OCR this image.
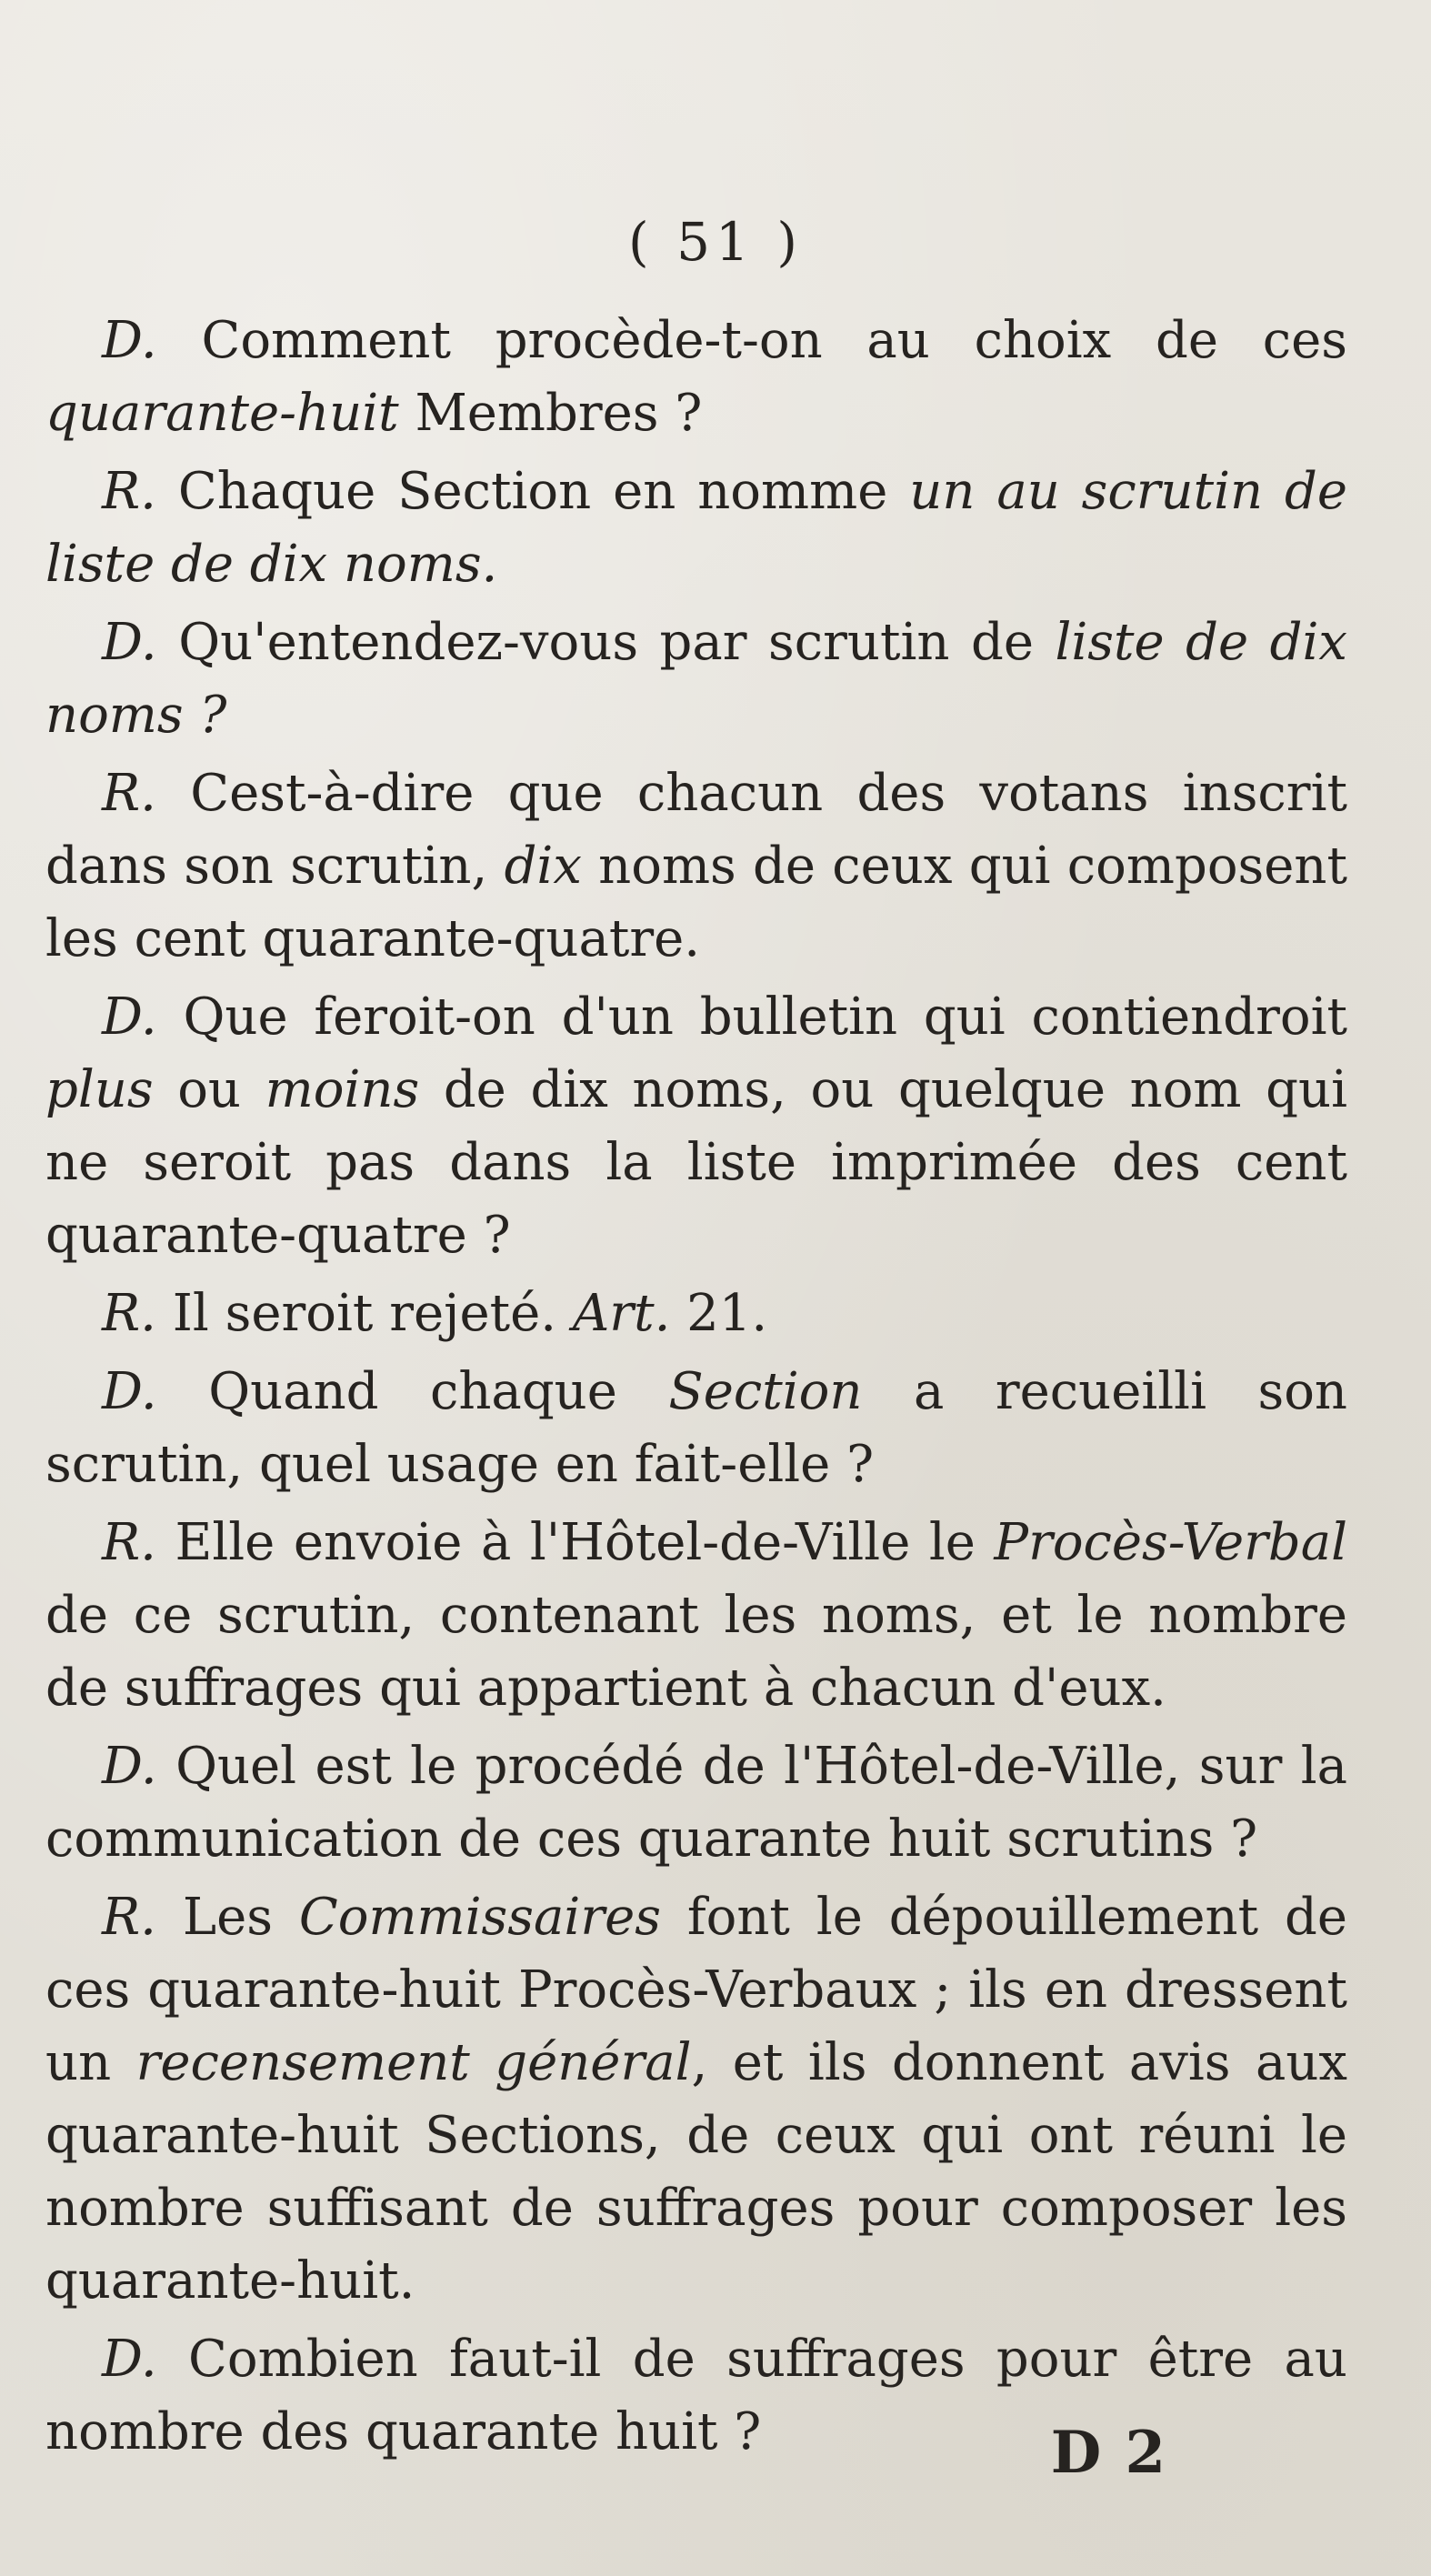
( 51 )

D. Comment procède-t-on au choix de ces quarante-huit Membres ?

R. Chaque Section en nomme un au scrutin de liste de dix noms.

D. Qu'entendez-vous par scrutin de liste de dix noms ?

R. Cest-à-dire que chacun des votans inscrit dans son scrutin, dix noms de ceux qui composent les cent quarante-quatre.

D. Que feroit-on d'un bulletin qui contiendroit plus ou moins de dix noms, ou quelque nom qui ne seroit pas dans la liste imprimée des cent quarante-quatre ?

R. Il seroit rejeté. Art. 21.

D. Quand chaque Section a recueilli son scrutin, quel usage en fait-elle ?

R. Elle envoie à l'Hôtel-de-Ville le Procès-Verbal de ce scrutin, contenant les noms, et le nombre de suffrages qui appartient à chacun d'eux.

D. Quel est le procédé de l'Hôtel-de-Ville, sur la communication de ces quarante huit scrutins ?

R. Les Commissaires font le dépouillement de ces quarante-huit Procès-Verbaux ; ils en dressent un recensement général, et ils donnent avis aux quarante-huit Sections, de ceux qui ont réuni le nombre suffisant de suffrages pour composer les quarante-huit.

D. Combien faut-il de suffrages pour être au nombre des quarante huit ?	D 2
